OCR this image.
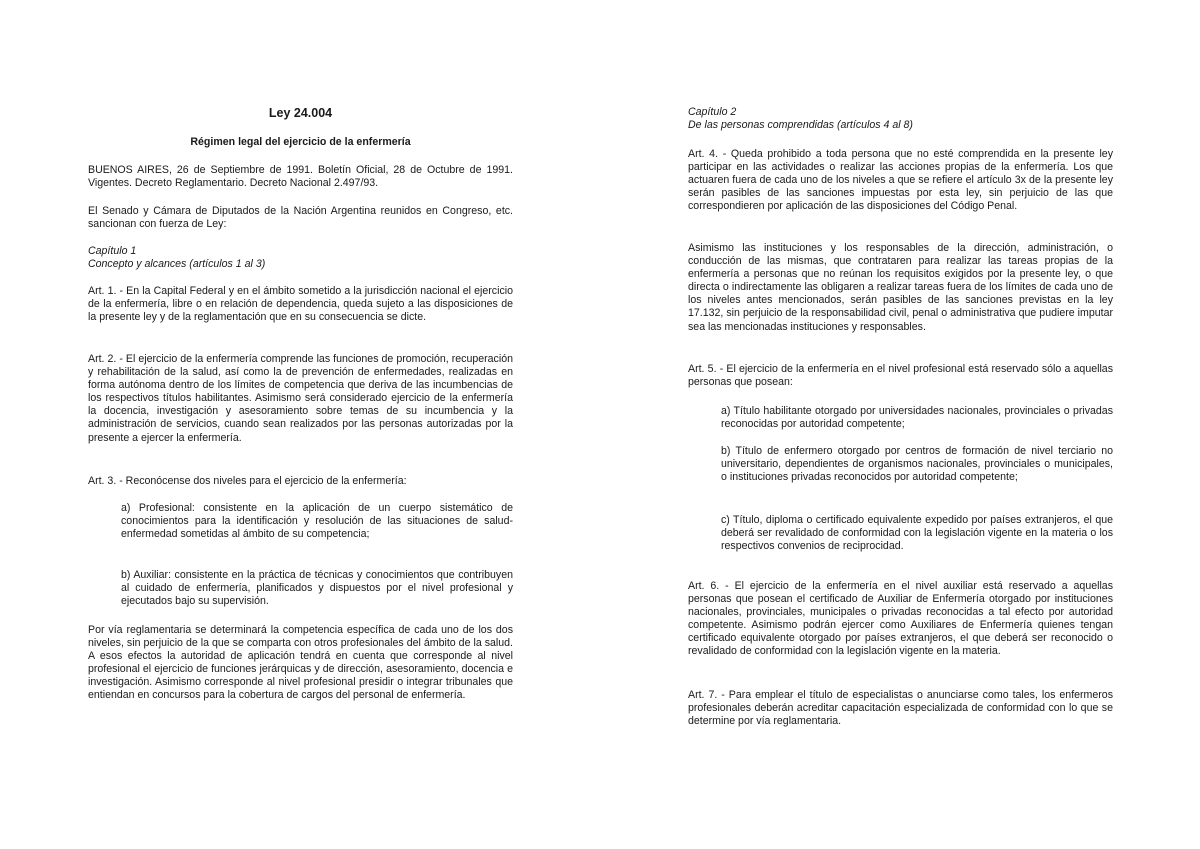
Ley 24.004
Régimen legal del ejercicio de la enfermería

BUENOS AIRES, 26 de Septiembre de 1991. Boletín Oficial, 28 de Octubre de 1991. Vigentes. Decreto Reglamentario. Decreto Nacional 2.497/93.

El Senado y Cámara de Diputados de la Nación Argentina reunidos en Congreso, etc. sancionan con fuerza de Ley:

Capítulo 1

Concepto y alcances (artículos 1 al 3)

Art. 1. - En la Capital Federal y en el ámbito sometido a la jurisdicción nacional el ejercicio de la enfermería, libre o en relación de dependencia, queda sujeto a las disposiciones de la presente ley y de la reglamentación que en su consecuencia se dicte.

Art. 2. - El ejercicio de la enfermería comprende las funciones de promoción, recuperación y rehabilitación de la salud, así como la de prevención de enfermedades, realizadas en forma autónoma dentro de los límites de competencia que deriva de las incumbencias de los respectivos títulos habilitantes. Asimismo será considerado ejercicio de la enfermería la docencia, investigación y asesoramiento sobre temas de su incumbencia y la administración de servicios, cuando sean realizados por las personas autorizadas por la presente a ejercer la enfermería.

Art. 3. - Reconócense dos niveles para el ejercicio de la enfermería:

a) Profesional: consistente en la aplicación de un cuerpo sistemático de conocimientos para la identificación y resolución de las situaciones de salud-enfermedad sometidas al ámbito de su competencia;

b) Auxiliar: consistente en la práctica de técnicas y conocimientos que contribuyen al cuidado de enfermería, planificados y dispuestos por el nivel profesional y ejecutados bajo su supervisión.

Por vía reglamentaria se determinará la competencia específica de cada uno de los dos niveles, sin perjuicio de la que se comparta con otros profesionales del ámbito de la salud. A esos efectos la autoridad de aplicación tendrá en cuenta que corresponde al nivel profesional el ejercicio de funciones jerárquicas y de dirección, asesoramiento, docencia e investigación. Asimismo corresponde al nivel profesional presidir o integrar tribunales que entiendan en concursos para la cobertura de cargos del personal de enfermería.

Capítulo 2

De las personas comprendidas (artículos 4 al 8)

Art. 4. - Queda prohibido a toda persona que no esté comprendida en la presente ley participar en las actividades o realizar las acciones propias de la enfermería. Los que actuaren fuera de cada uno de los niveles a que se refiere el artículo 3x de la presente ley serán pasibles de las sanciones impuestas por esta ley, sin perjuicio de las que correspondieren por aplicación de las disposiciones del Código Penal.

Asimismo las instituciones y los responsables de la dirección, administración, o conducción de las mismas, que contrataren para realizar las tareas propias de la enfermería a personas que no reúnan los requisitos exigidos por la presente ley, o que directa o indirectamente las obligaren a realizar tareas fuera de los límites de cada uno de los niveles antes mencionados, serán pasibles de las sanciones previstas en la ley 17.132, sin perjuicio de la responsabilidad civil, penal o administrativa que pudiere imputar sea las mencionadas instituciones y responsables.

Art. 5. - El ejercicio de la enfermería en el nivel profesional está reservado sólo a aquellas personas que posean:

a) Título habilitante otorgado por universidades nacionales, provinciales o privadas reconocidas por autoridad competente;

b) Título de enfermero otorgado por centros de formación de nivel terciario no universitario, dependientes de organismos nacionales, provinciales o municipales, o instituciones privadas reconocidos por autoridad competente;

c) Título, diploma o certificado equivalente expedido por países extranjeros, el que deberá ser revalidado de conformidad con la legislación vigente en la materia o los respectivos convenios de reciprocidad.

Art. 6. - El ejercicio de la enfermería en el nivel auxiliar está reservado a aquellas personas que posean el certificado de Auxiliar de Enfermería otorgado por instituciones nacionales, provinciales, municipales o privadas reconocidas a tal efecto por autoridad competente. Asimismo podrán ejercer como Auxiliares de Enfermería quienes tengan certificado equivalente otorgado por países extranjeros, el que deberá ser reconocido o revalidado de conformidad con la legislación vigente en la materia.

Art. 7. - Para emplear el título de especialistas o anunciarse como tales, los enfermeros profesionales deberán acreditar capacitación especializada de conformidad con lo que se determine por vía reglamentaria.
